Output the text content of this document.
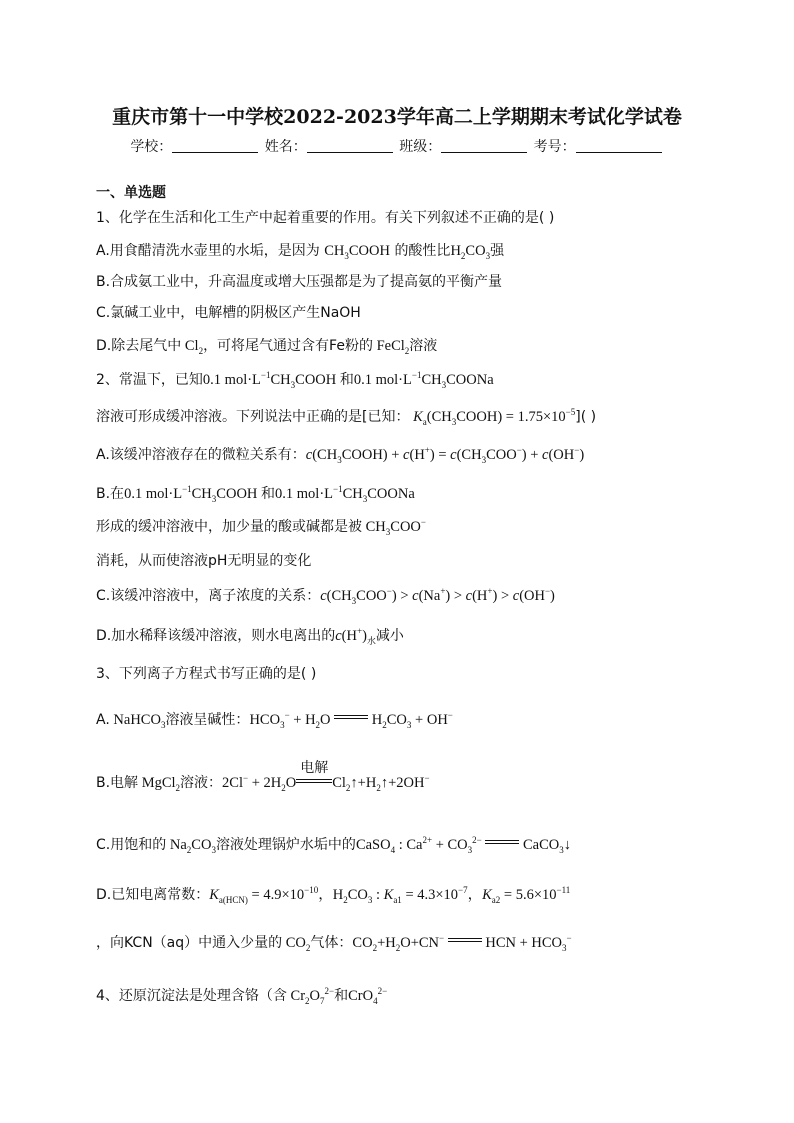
重庆市第十一中学校2022-2023学年高二上学期期末考试化学试卷
学校：	姓名：	班级：	考号：
一、单选题
1、化学在生活和化工生产中起着重要的作用。有关下列叙述不正确的是( )
A.用食醋清洗水壶里的水垢，是因为 $CH_3COOH$ 的酸性比$H_2CO_3$强
B.合成氨工业中，升高温度或增大压强都是为了提高氨的平衡产量
C.氯碱工业中，电解槽的阴极区产生NaOH
D.除去尾气中 $Cl_2$，可将尾气通过含有Fe粉的 FeCl$_2$溶液
2、常温下，已知0.1 $mol\cdot L^{-1}CH_3COOH$ 和0.1 $mol\cdot L^{-1}CH_3COONa$
溶液可形成缓冲溶液。下列说法中正确的是[已知： $K_a(CH_3COOH) = 1.75\times 10^{-5}$]( )
A.该缓冲溶液存在的微粒关系有：$c(CH_3COOH) + c(H^+) = c(CH_3COO^-) + c(OH^-)$
B.在0.1 $mol\cdot L^{-1}CH_3COOH$ 和0.1 $mol\cdot L^{-1}CH_3COONa$
形成的缓冲溶液中，加少量的酸或碱都是被 $CH_3COO^-$
消耗，从而使溶液pH无明显的变化
C.该缓冲溶液中，离子浓度的关系：$c(CH_3COO^-) > c(Na^+) > c(H^+) > c(OH^-)$
D.加水稀释该缓冲溶液，则水电离出的$c(H^+)_水$减小
3、下列离子方程式书写正确的是( )
A. NaHCO$_3$溶液呈碱性：$HCO_3^- + H_2O$  $H_2CO_3 + OH^-$
B.电解 MgCl$_2$溶液：$2Cl^- + 2H_2O$
电解
$Cl_2↑+H_2↑+2OH^-$
C.用饱和的 $Na_2CO_3$溶液处理锅炉水垢中的CaSO$_4$ : $Ca^{2+} + CO_3^{2-}$	CaCO$_3$↓
D.已知电离常数：$K_{a(HCN)} = 4.9\times 10^{-10}$，$H_2CO_3$ : $K_{a1} = 4.3\times 10^{-7}$，$K_{a2} = 5.6\times 10^{-11}$
，向KCN（aq）中通入少量的 $CO_2$气体：$CO_2+H_2O+CN^-$	HCN + $HCO_3^-$
4、还原沉淀法是处理含铬（含 $Cr_2O_7^{2-}$和CrO$_4^{2-}$
